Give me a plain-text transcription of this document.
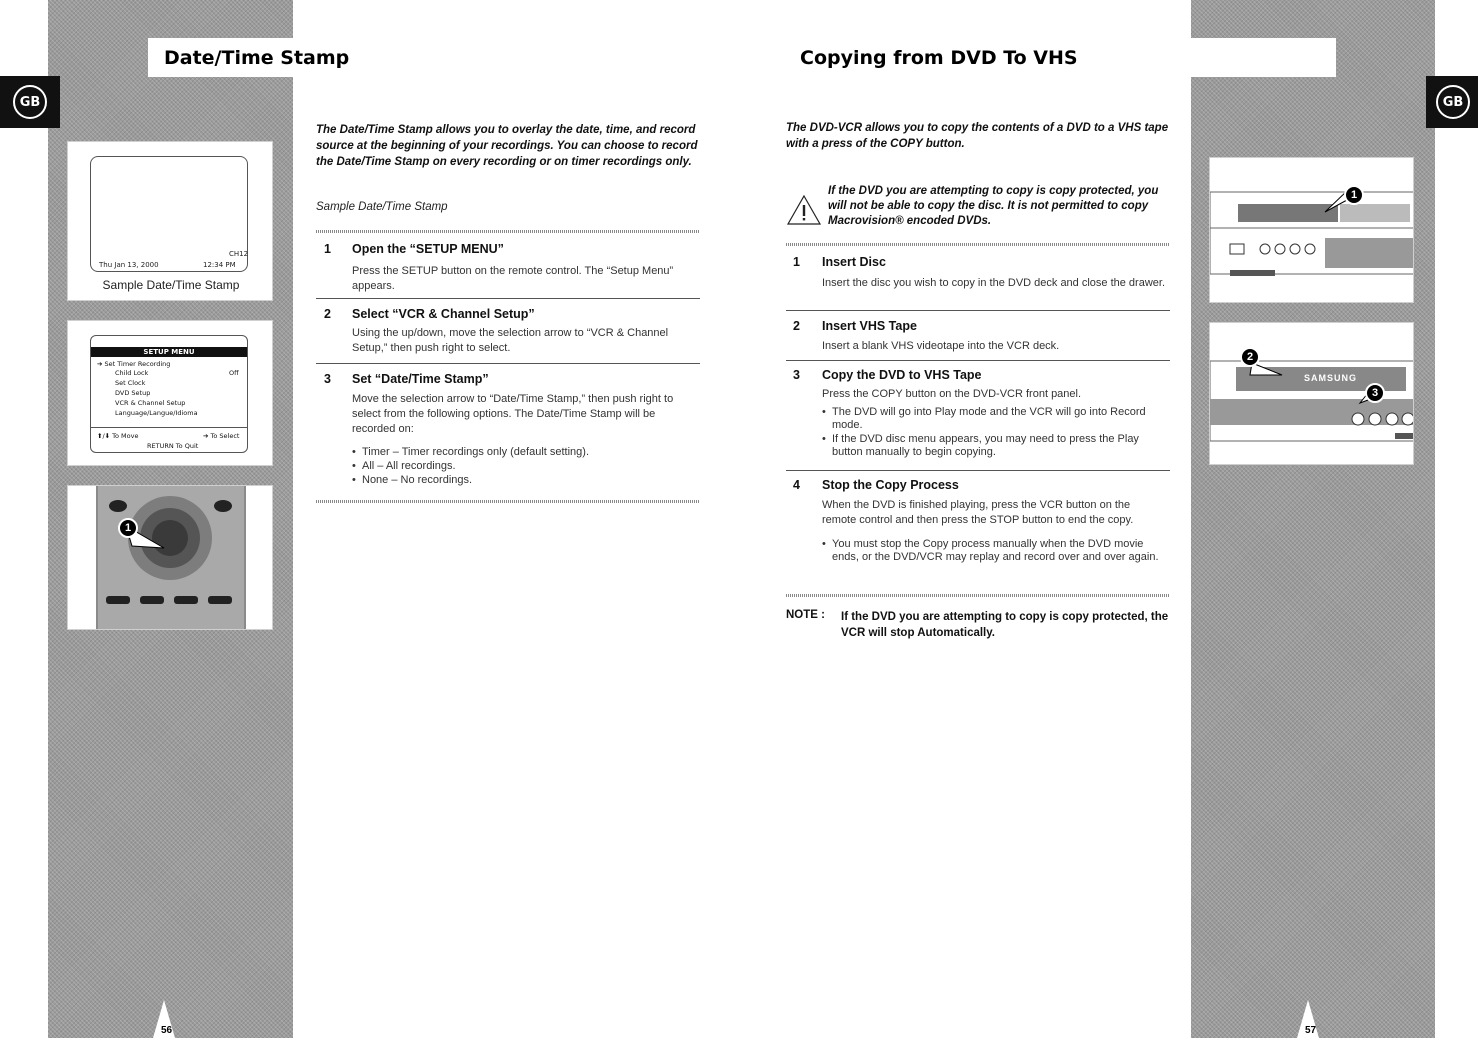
GB
Date/Time Stamp
CH12
Thu Jan 13, 2000	12:34 PM
Sample Date/Time Stamp
SETUP MENU
➔ Set Timer Recording
Child Lock	Off
Set Clock
DVD Setup
VCR & Channel Setup
Language/Langue/Idioma
⬆/⬇ To Move	➔ To Select
RETURN To Quit
1
The Date/Time Stamp allows you to overlay the date, time, and record source at the beginning of your recordings. You can choose to record the Date/Time Stamp on every recording or on timer recordings only.
Sample Date/Time Stamp
1 Open the “SETUP MENU”
Press the SETUP button on the remote control. The “Setup Menu” appears.
2 Select “VCR & Channel Setup”
Using the up/down, move the selection arrow to “VCR & Channel Setup,” then push right to select.
3 Set “Date/Time Stamp”
Move the selection arrow to “Date/Time Stamp,” then push right to select from the following options. The Date/Time Stamp will be recorded on:
• Timer – Timer recordings only (default setting).
• All – All recordings.
• None – No recordings.
56
GB
Copying from DVD To VHS
The DVD-VCR allows you to copy the contents of a DVD to a VHS tape with a press of the COPY button.
If the DVD you are attempting to copy is copy protected, you will not be able to copy the disc. It is not permitted to copy Macrovision® encoded DVDs.
1 Insert Disc
Insert the disc you wish to copy in the DVD deck and close the drawer.
2 Insert VHS Tape
Insert a blank VHS videotape into the VCR deck.
3 Copy the DVD to VHS Tape
Press the COPY button on the DVD-VCR front panel.
• The DVD will go into Play mode and the VCR will go into Record mode.
• If the DVD disc menu appears, you may need to press the Play button manually to begin copying.
4 Stop the Copy Process
When the DVD is finished playing, press the VCR button on the remote control and then press the STOP button to end the copy.
• You must stop the Copy process manually when the DVD movie ends, or the DVD/VCR may replay and record over and over again.
NOTE : If the DVD you are attempting to copy is copy protected, the VCR will stop Automatically.
1
SAMSUNG
2
3
57
